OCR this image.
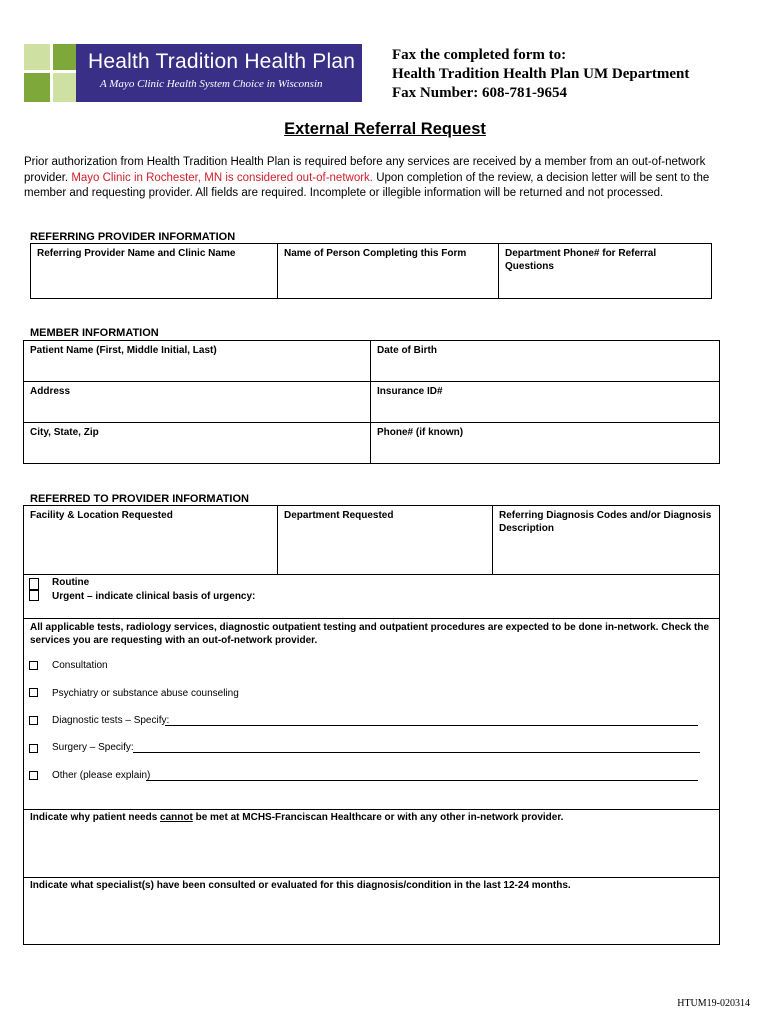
Health Tradition Health Plan
A Mayo Clinic Health System Choice in Wisconsin
Fax the completed form to:
Health Tradition Health Plan UM Department
Fax Number: 608-781-9654
External Referral Request
Prior authorization from Health Tradition Health Plan is required before any services are received by a member from an out-of-network provider. Mayo Clinic in Rochester, MN is considered out-of-network. Upon completion of the review, a decision letter will be sent to the member and requesting provider. All fields are required. Incomplete or illegible information will be returned and not processed.
REFERRING PROVIDER INFORMATION
Referring Provider Name and Clinic Name	Name of Person Completing this Form	Department Phone# for Referral Questions
MEMBER INFORMATION
Patient Name (First, Middle Initial, Last)	Date of Birth
Address	Insurance ID#
City, State, Zip	Phone# (if known)
REFERRED TO PROVIDER INFORMATION
Facility & Location Requested	Department Requested	Referring Diagnosis Codes and/or Diagnosis Description
Routine
Urgent – indicate clinical basis of urgency:
All applicable tests, radiology services, diagnostic outpatient testing and outpatient procedures are expected to be done in-network. Check the services you are requesting with an out-of-network provider.
Consultation
Psychiatry or substance abuse counseling
Diagnostic tests – Specify:
Surgery – Specify:
Other (please explain)
Indicate why patient needs cannot be met at MCHS-Franciscan Healthcare or with any other in-network provider.
Indicate what specialist(s) have been consulted or evaluated for this diagnosis/condition in the last 12-24 months.
HTUM19-020314
